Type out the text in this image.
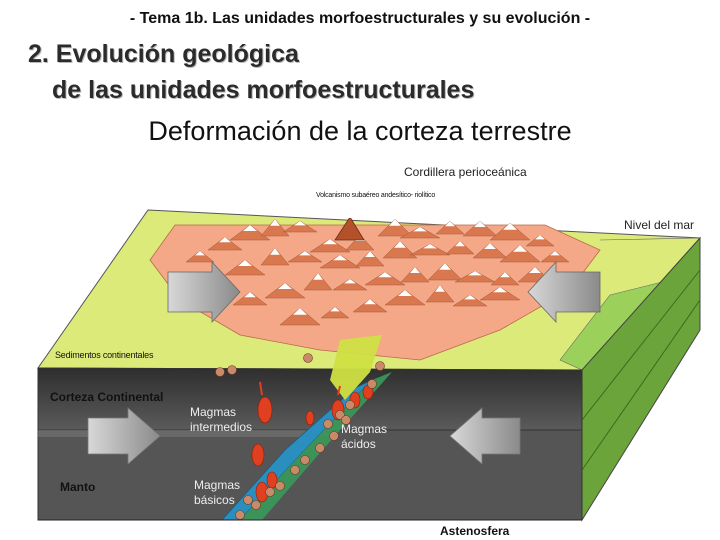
- Tema 1b. Las unidades morfoestructurales y su evolución -
2. Evolución geológica
de las unidades morfoestructurales
Deformación de la corteza terrestre
Cordillera perioceánica
Volcanismo subaéreo andesítico- riolítico
Nivel del mar
Sedimentos continentales
Corteza Continental
Magmas
intermedios	Magmas
ácidos
Manto	Magmas
básicos
Astenosfera
